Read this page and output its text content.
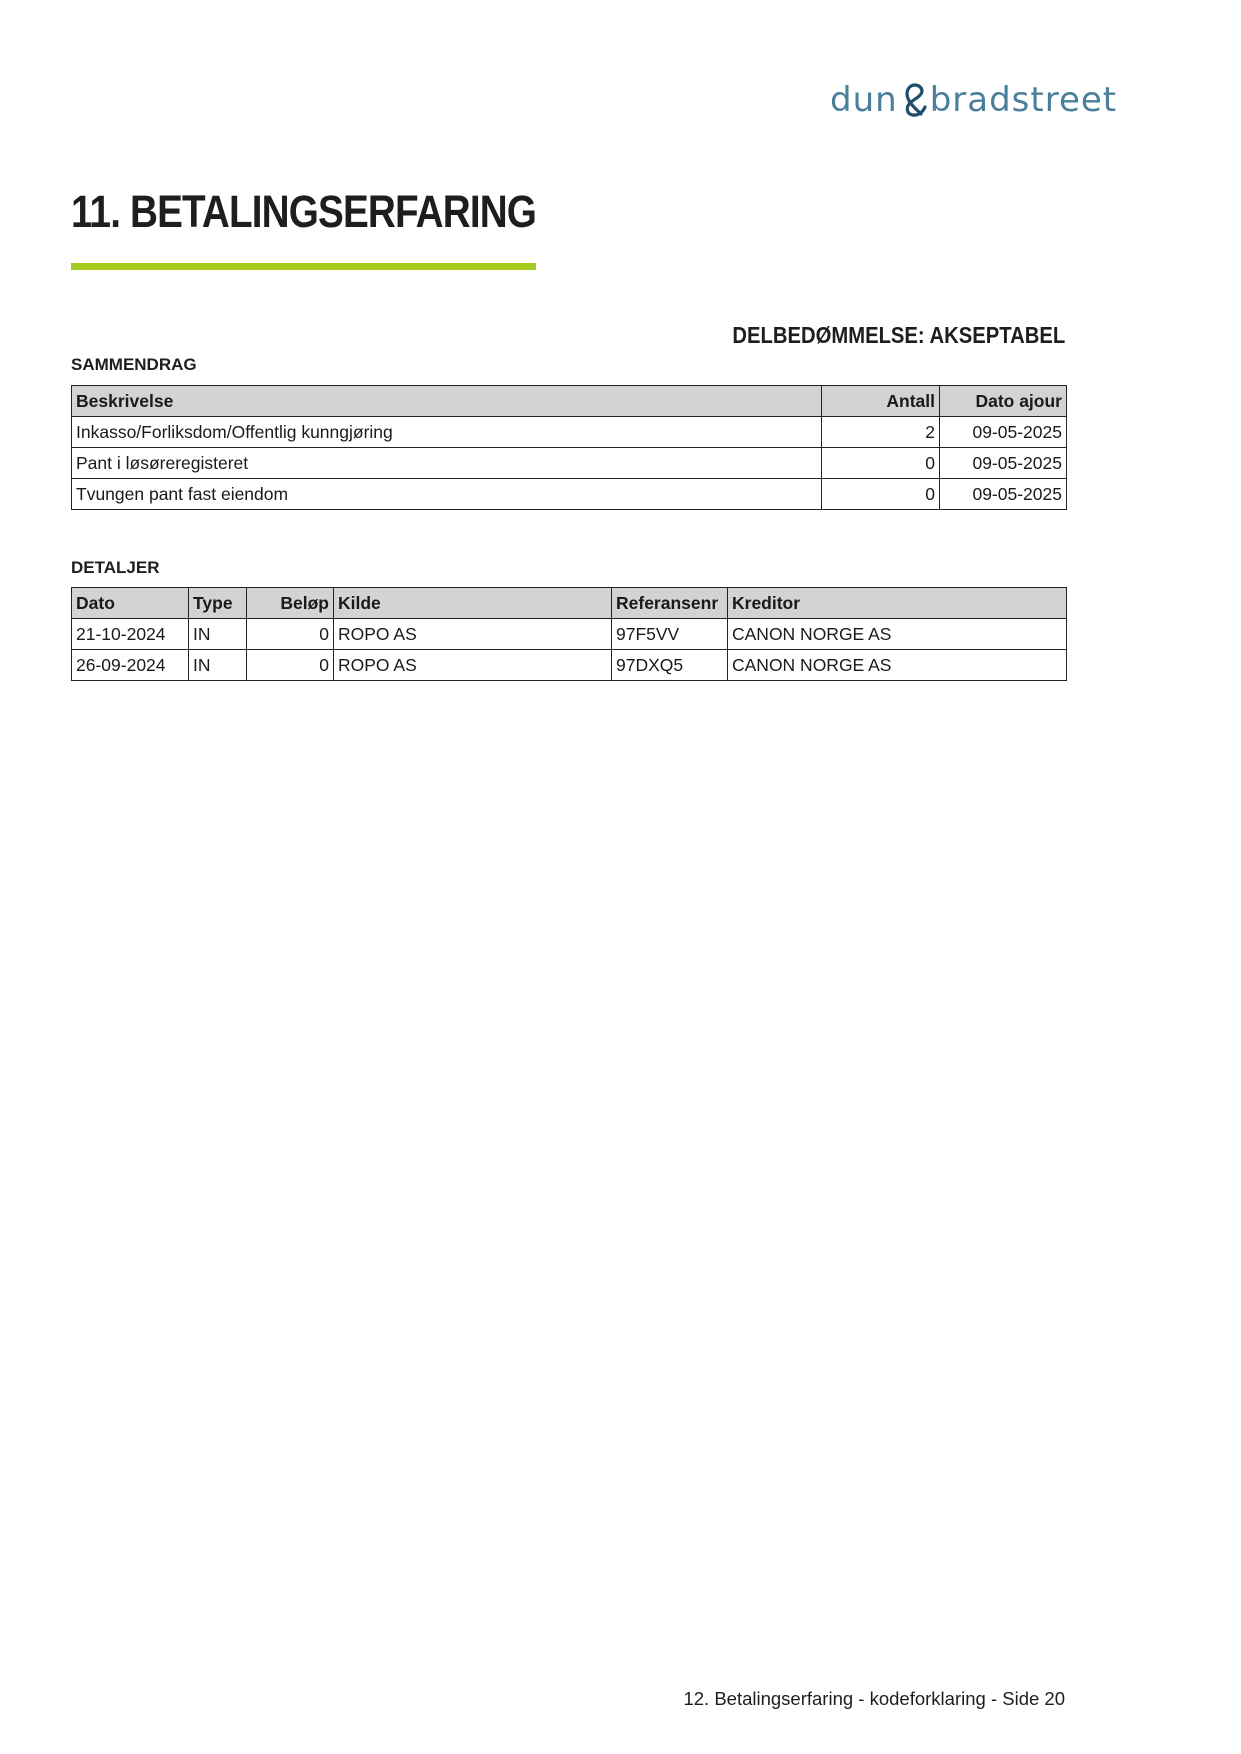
dun bradstreet
11. BETALINGSERFARING
DELBEDØMMELSE: AKSEPTABEL
SAMMENDRAG
Beskrivelse	Antall	Dato ajour
Inkasso/Forliksdom/Offentlig kunngjøring	2	09-05-2025
Pant i løsøreregisteret	0	09-05-2025
Tvungen pant fast eiendom	0	09-05-2025
DETALJER
Dato	Type	Beløp	Kilde	Referansenr	Kreditor
21-10-2024	IN	0	ROPO AS	97F5VV	CANON NORGE AS
26-09-2024	IN	0	ROPO AS	97DXQ5	CANON NORGE AS
12. Betalingserfaring - kodeforklaring - Side 20
